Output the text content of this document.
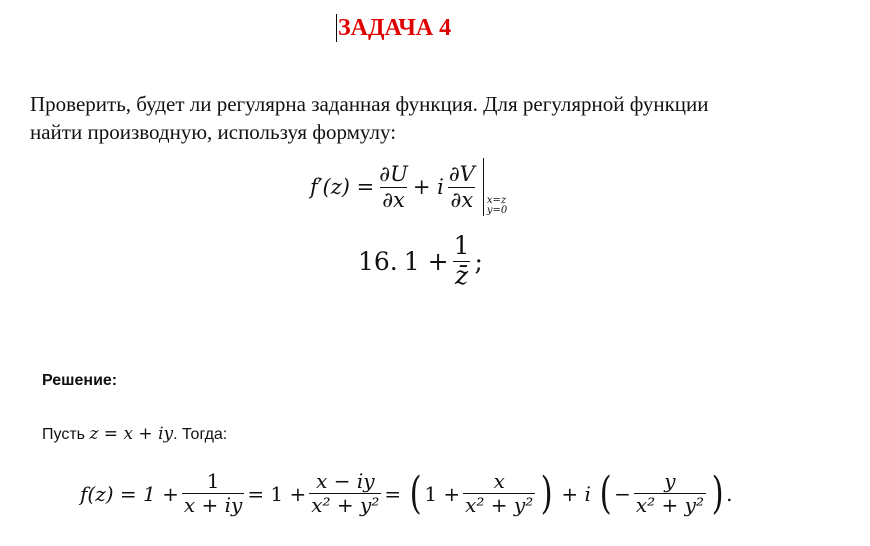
ЗАДАЧА 4
Проверить, будет ли регулярна заданная функция. Для регулярной функции
найти производную, используя формулу:
$f'(z) = \frac{\partial U}{\partial x} + i \frac{\partial V}{\partial x} x=z$
y=0
16. $1 + \frac{1}{z̄}$ ;
Решение:
Пусть z = x + iy. Тогда:
$f(z) = 1 + \frac{1}{x + iy} = 1 + \frac{x - iy}{\text{x² + y²}}$ = ( $1 + \frac{x}{\text{x² + y²}}$ ) + i ( − $\frac{y}{\text{x² + y²}}$ ) .
